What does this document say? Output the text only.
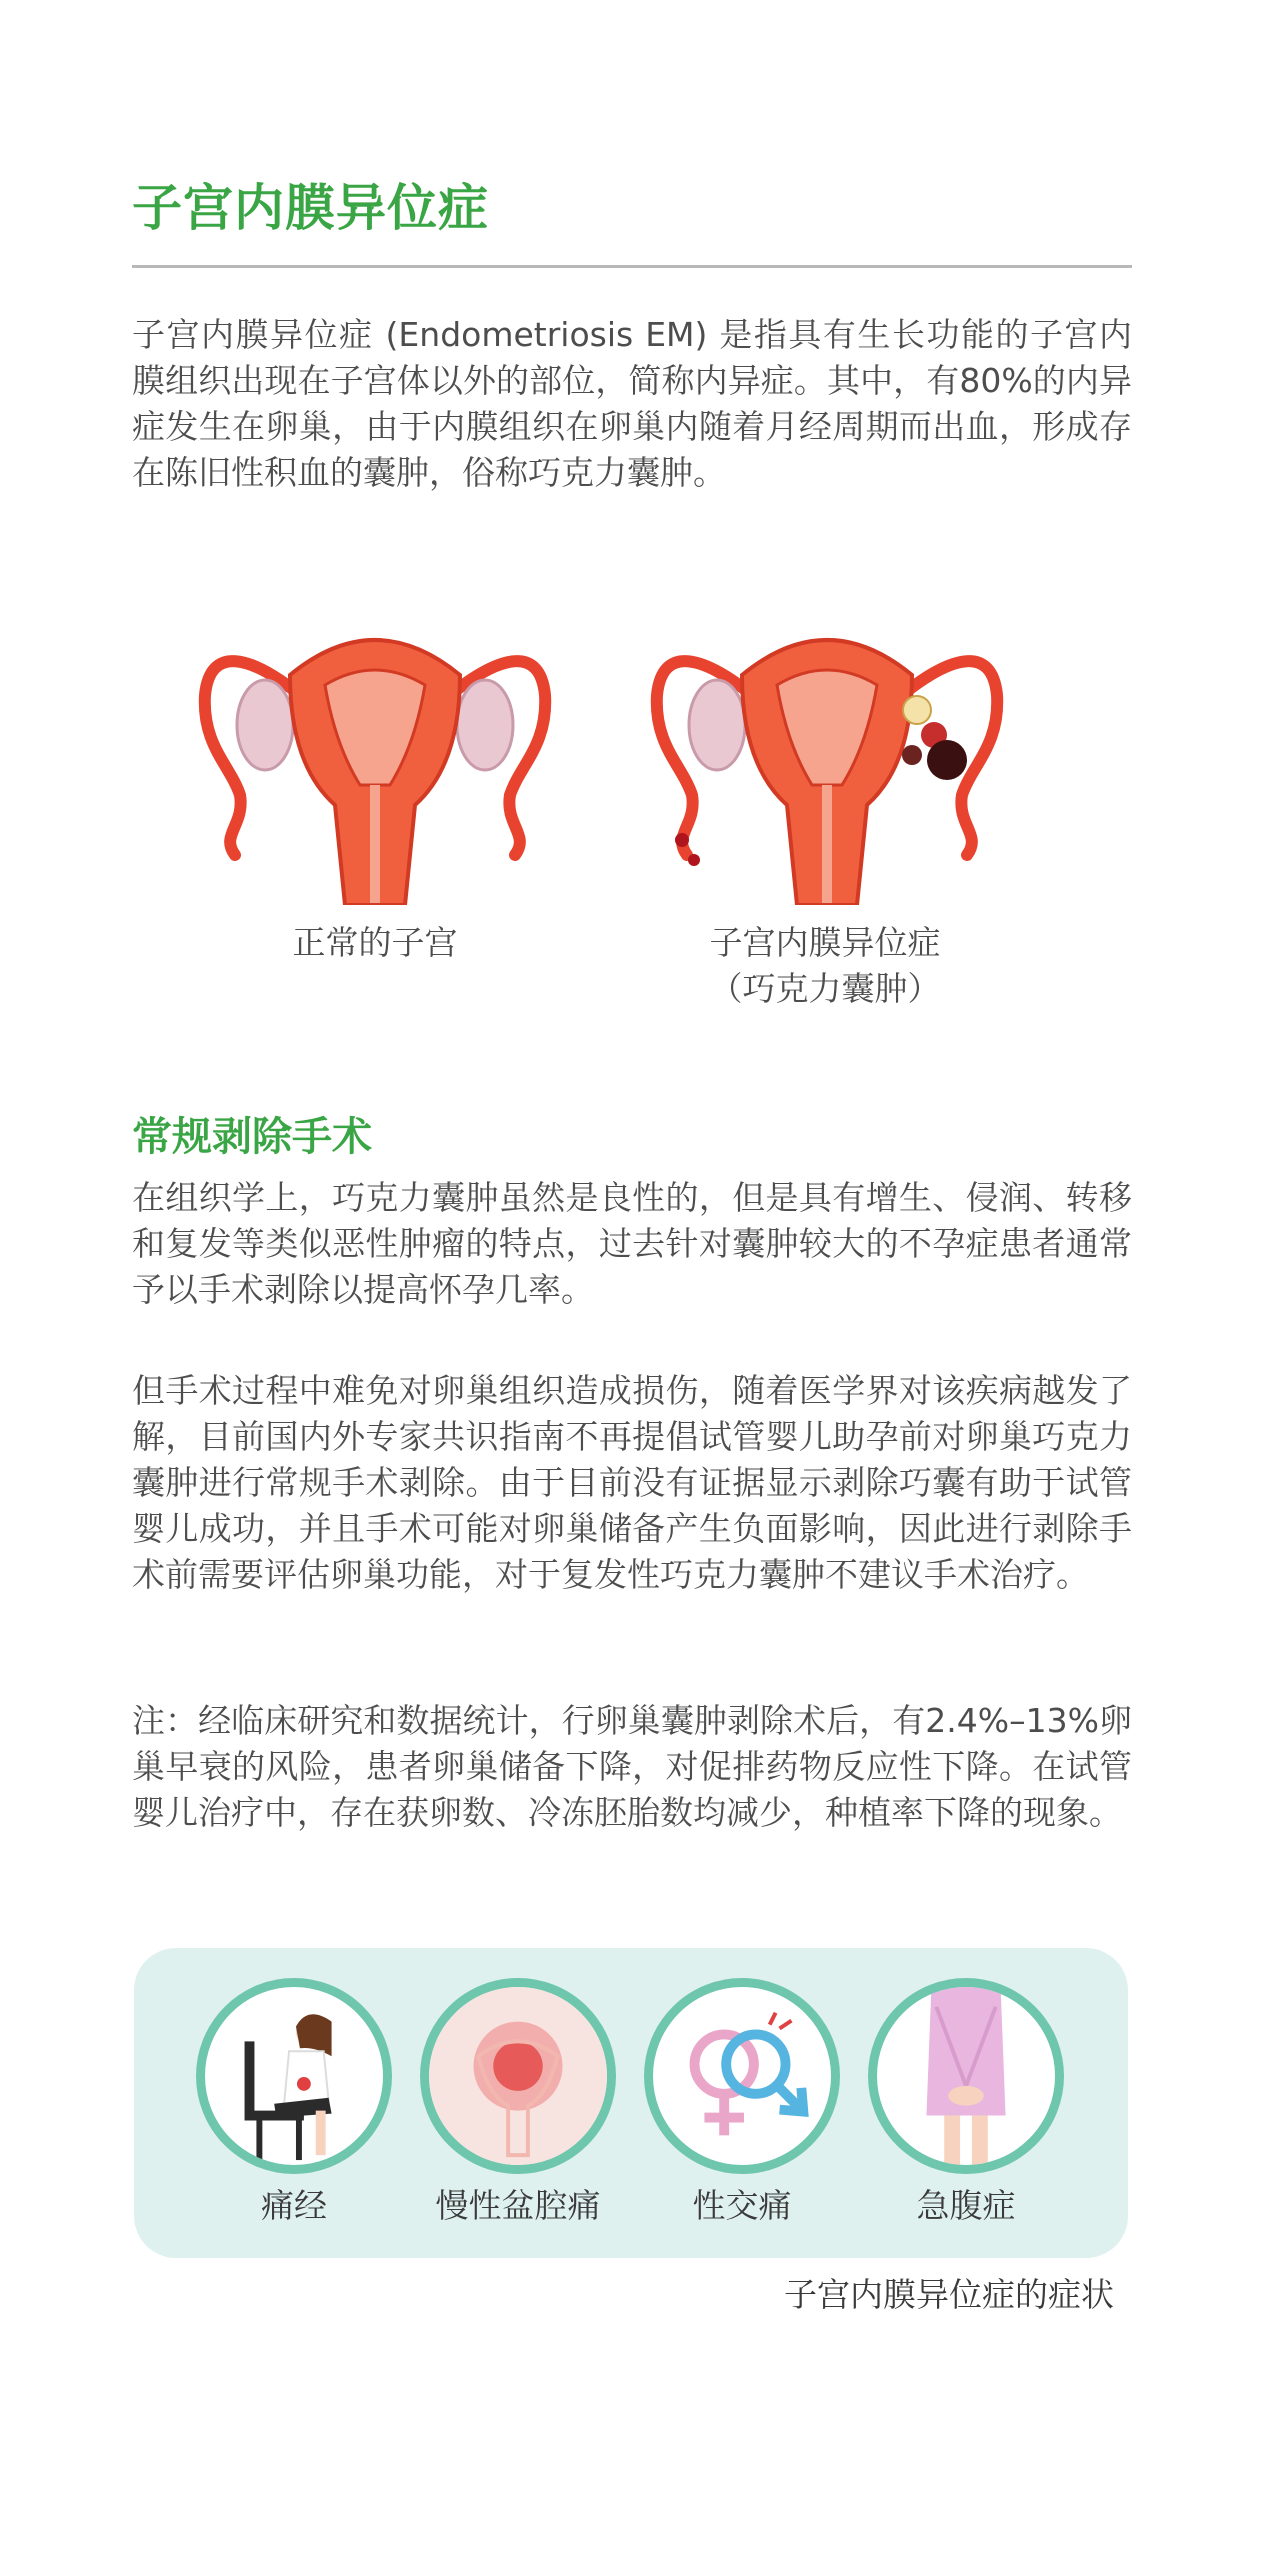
子宫内膜异位症

子宫内膜异位症 (Endometriosis EM) 是指具有生长功能的子宫内膜组织出现在子宫体以外的部位，简称内异症。其中，有80%的内异症发生在卵巢，由于内膜组织在卵巢内随着月经周期而出血，形成存在陈旧性积血的囊肿，俗称巧克力囊肿。

正常的子宫	子宫内膜异位症
（巧克力囊肿）
常规剥除手术

在组织学上，巧克力囊肿虽然是良性的，但是具有增生、侵润、转移和复发等类似恶性肿瘤的特点，过去针对囊肿较大的不孕症患者通常予以手术剥除以提高怀孕几率。

但手术过程中难免对卵巢组织造成损伤，随着医学界对该疾病越发了解，目前国内外专家共识指南不再提倡试管婴儿助孕前对卵巢巧克力囊肿进行常规手术剥除。由于目前没有证据显示剥除巧囊有助于试管婴儿成功，并且手术可能对卵巢储备产生负面影响，因此进行剥除手术前需要评估卵巢功能，对于复发性巧克力囊肿不建议手术治疗。

注：经临床研究和数据统计，行卵巢囊肿剥除术后，有2.4%–13%卵巢早衰的风险，患者卵巢储备下降，对促排药物反应性下降。在试管婴儿治疗中，存在获卵数、冷冻胚胎数均减少，种植率下降的现象。

痛经	慢性盆腔痛	性交痛	急腹症
子宫内膜异位症的症状
